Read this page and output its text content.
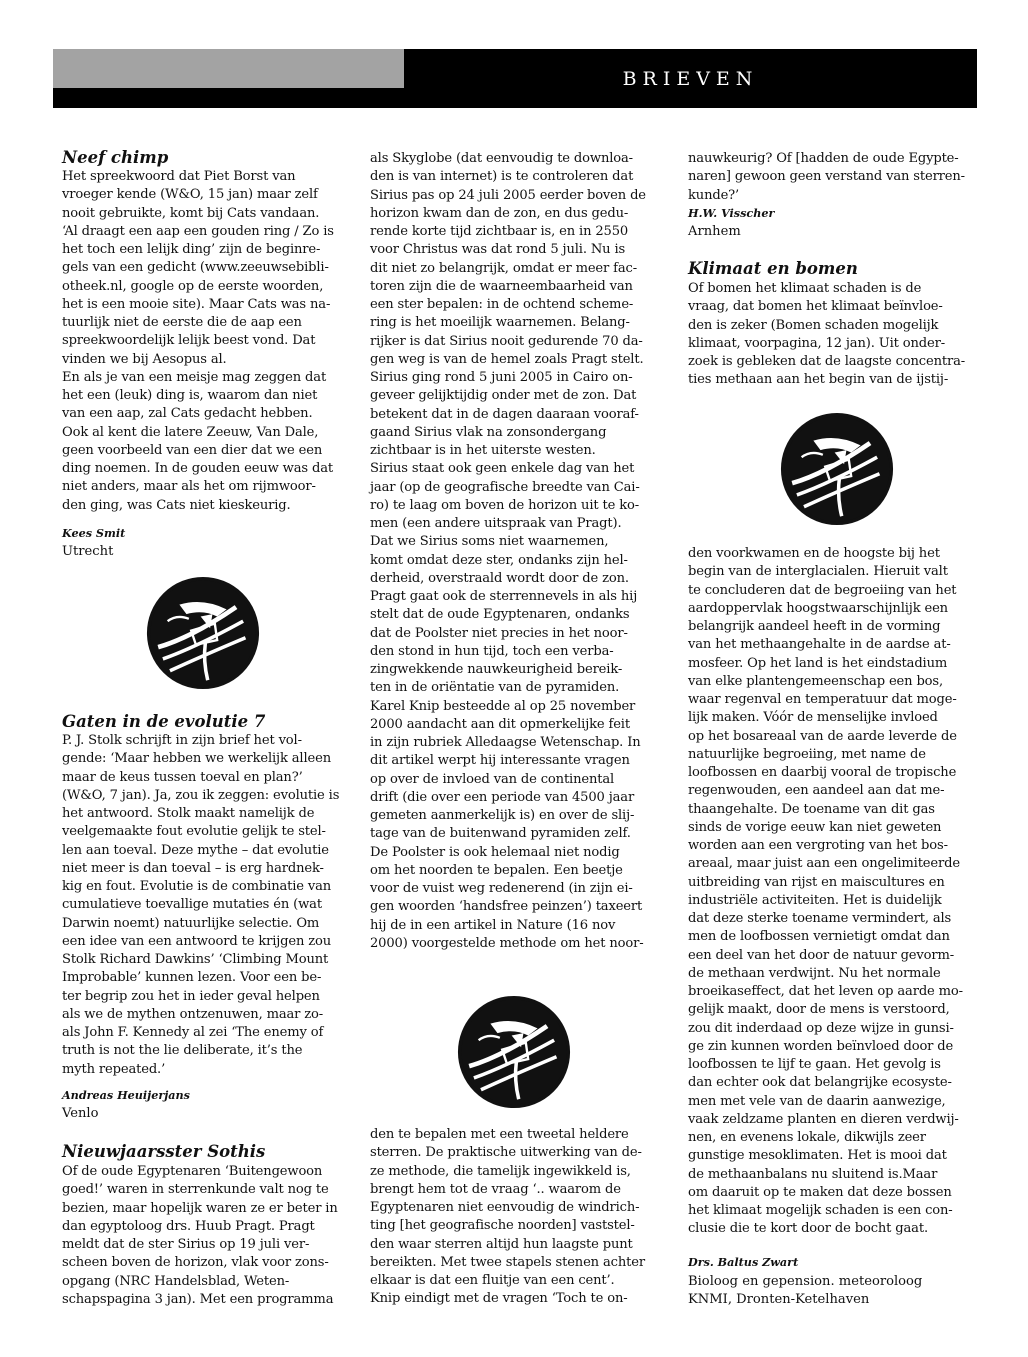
BRIEVEN
Neef chimp

Het spreekwoord dat Piet Borst van
vroeger kende (W&O, 15 jan) maar zelf
nooit gebruikte, komt bij Cats vandaan.
‘Al draagt een aap een gouden ring / Zo is
het toch een lelijk ding’ zijn de beginre-
gels van een gedicht (www.zeeuwsebibli-
otheek.nl, google op de eerste woorden,
het is een mooie site). Maar Cats was na-
tuurlijk niet de eerste die de aap een
spreekwoordelijk lelijk beest vond. Dat
vinden we bij Aesopus al.
En als je van een meisje mag zeggen dat
het een (leuk) ding is, waarom dan niet
van een aap, zal Cats gedacht hebben.
Ook al kent die latere Zeeuw, Van Dale,
geen voorbeeld van een dier dat we een
ding noemen. In de gouden eeuw was dat
niet anders, maar als het om rijmwoor-
den ging, was Cats niet kieskeurig.

Kees Smit

Utrecht

Gaten in de evolutie 7

P. J. Stolk schrijft in zijn brief het vol-
gende: ‘Maar hebben we werkelijk alleen
maar de keus tussen toeval en plan?’
(W&O, 7 jan). Ja, zou ik zeggen: evolutie is
het antwoord. Stolk maakt namelijk de
veelgemaakte fout evolutie gelijk te stel-
len aan toeval. Deze mythe – dat evolutie
niet meer is dan toeval – is erg hardnek-
kig en fout. Evolutie is de combinatie van
cumulatieve toevallige mutaties én (wat
Darwin noemt) natuurlijke selectie. Om
een idee van een antwoord te krijgen zou
Stolk Richard Dawkins’ ‘Climbing Mount
Improbable’ kunnen lezen. Voor een be-
ter begrip zou het in ieder geval helpen
als we de mythen ontzenuwen, maar zo-
als John F. Kennedy al zei ‘The enemy of
truth is not the lie deliberate, it’s the
myth repeated.’

Andreas Heuijerjans

Venlo

Nieuwjaarsster Sothis

Of de oude Egyptenaren ‘Buitengewoon
goed!’ waren in sterrenkunde valt nog te
bezien, maar hopelijk waren ze er beter in
dan egyptoloog drs. Huub Pragt. Pragt
meldt dat de ster Sirius op 19 juli ver-
scheen boven de horizon, vlak voor zons-
opgang (NRC Handelsblad, Weten-
schapspagina 3 jan). Met een programma

als Skyglobe (dat eenvoudig te downloa-
den is van internet) is te controleren dat
Sirius pas op 24 juli 2005 eerder boven de
horizon kwam dan de zon, en dus gedu-
rende korte tijd zichtbaar is, en in 2550
voor Christus was dat rond 5 juli. Nu is
dit niet zo belangrijk, omdat er meer fac-
toren zijn die de waarneembaarheid van
een ster bepalen: in de ochtend scheme-
ring is het moeilijk waarnemen. Belang-
rijker is dat Sirius nooit gedurende 70 da-
gen weg is van de hemel zoals Pragt stelt.
Sirius ging rond 5 juni 2005 in Cairo on-
geveer gelijktijdig onder met de zon. Dat
betekent dat in de dagen daaraan vooraf-
gaand Sirius vlak na zonsondergang
zichtbaar is in het uiterste westen.
Sirius staat ook geen enkele dag van het
jaar (op de geografische breedte van Cai-
ro) te laag om boven de horizon uit te ko-
men (een andere uitspraak van Pragt).
Dat we Sirius soms niet waarnemen,
komt omdat deze ster, ondanks zijn hel-
derheid, overstraald wordt door de zon.
Pragt gaat ook de sterrennevels in als hij
stelt dat de oude Egyptenaren, ondanks
dat de Poolster niet precies in het noor-
den stond in hun tijd, toch een verba-
zingwekkende nauwkeurigheid bereik-
ten in de oriëntatie van de pyramiden.
Karel Knip besteedde al op 25 november
2000 aandacht aan dit opmerkelijke feit
in zijn rubriek Alledaagse Wetenschap. In
dit artikel werpt hij interessante vragen
op over de invloed van de continental
drift (die over een periode van 4500 jaar
gemeten aanmerkelijk is) en over de slij-
tage van de buitenwand pyramiden zelf.
De Poolster is ook helemaal niet nodig
om het noorden te bepalen. Een beetje
voor de vuist weg redenerend (in zijn ei-
gen woorden ‘handsfree peinzen’) taxeert
hij de in een artikel in Nature (16 nov
2000) voorgestelde methode om het noor-

den te bepalen met een tweetal heldere
sterren. De praktische uitwerking van de-
ze methode, die tamelijk ingewikkeld is,
brengt hem tot de vraag ‘.. waarom de
Egyptenaren niet eenvoudig de windrich-
ting [het geografische noorden] vaststel-
den waar sterren altijd hun laagste punt
bereikten. Met twee stapels stenen achter
elkaar is dat een fluitje van een cent’.
Knip eindigt met de vragen ‘Toch te on-

nauwkeurig? Of [hadden de oude Egypte-
naren] gewoon geen verstand van sterren-
kunde?’

H.W. Visscher

Arnhem

Klimaat en bomen

Of bomen het klimaat schaden is de
vraag, dat bomen het klimaat beïnvloe-
den is zeker (Bomen schaden mogelijk
klimaat, voorpagina, 12 jan). Uit onder-
zoek is gebleken dat de laagste concentra-
ties methaan aan het begin van de ijstij-

den voorkwamen en de hoogste bij het
begin van de interglacialen. Hieruit valt
te concluderen dat de begroeiing van het
aardoppervlak hoogstwaarschijnlijk een
belangrijk aandeel heeft in de vorming
van het methaangehalte in de aardse at-
mosfeer. Op het land is het eindstadium
van elke plantengemeenschap een bos,
waar regenval en temperatuur dat moge-
lijk maken. Vóór de menselijke invloed
op het bosareaal van de aarde leverde de
natuurlijke begroeiing, met name de
loofbossen en daarbij vooral de tropische
regenwouden, een aandeel aan dat me-
thaangehalte. De toename van dit gas
sinds de vorige eeuw kan niet geweten
worden aan een vergroting van het bos-
areaal, maar juist aan een ongelimiteerde
uitbreiding van rijst en maiscultures en
industriële activiteiten. Het is duidelijk
dat deze sterke toename vermindert, als
men de loofbossen vernietigt omdat dan
een deel van het door de natuur gevorm-
de methaan verdwijnt. Nu het normale
broeikaseffect, dat het leven op aarde mo-
gelijk maakt, door de mens is verstoord,
zou dit inderdaad op deze wijze in gunsi-
ge zin kunnen worden beïnvloed door de
loofbossen te lijf te gaan. Het gevolg is
dan echter ook dat belangrijke ecosyste-
men met vele van de daarin aanwezige,
vaak zeldzame planten en dieren verdwij-
nen, en evenens lokale, dikwijls zeer
gunstige mesoklimaten. Het is mooi dat
de methaanbalans nu sluitend is.Maar
om daaruit op te maken dat deze bossen
het klimaat mogelijk schaden is een con-
clusie die te kort door de bocht gaat.

Drs. Baltus Zwart

Bioloog en gepension. meteoroloog
KNMI, Dronten-Ketelhaven
